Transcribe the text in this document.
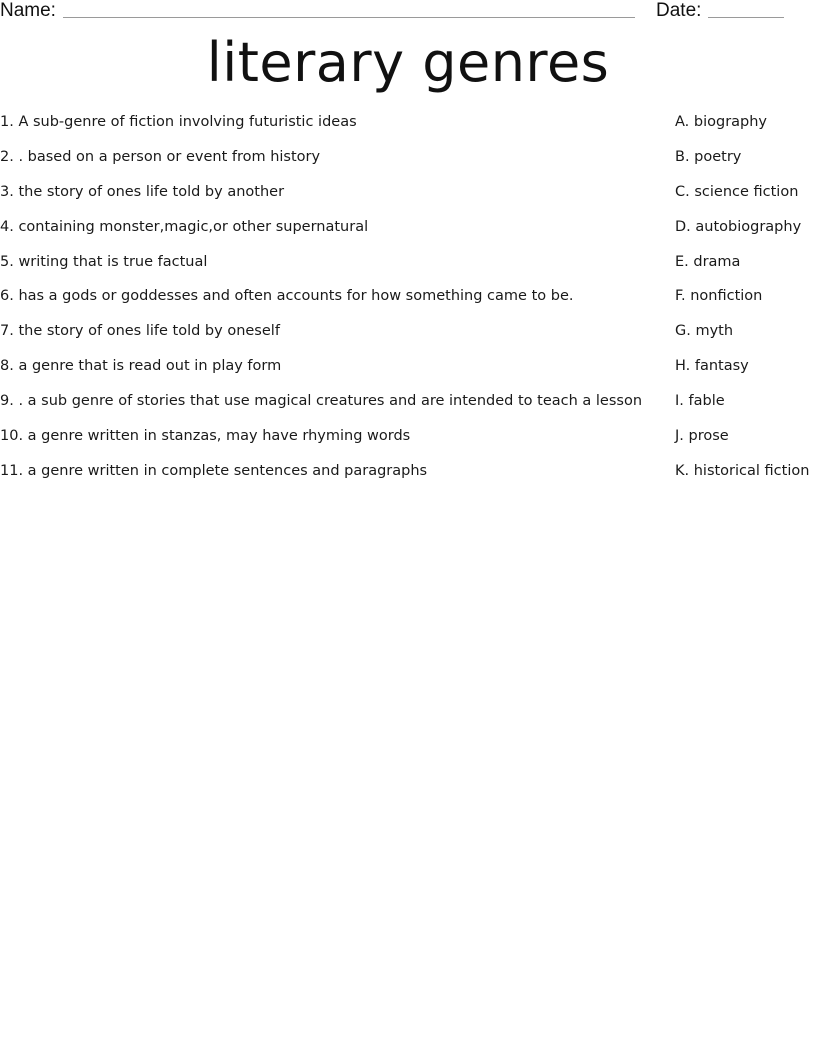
Name:	Date:
literary genres
1. A sub-genre of fiction involving futuristic ideas	A. biography
2. . based on a person or event from history	B. poetry
3. the story of ones life told by another	C. science fiction
4. containing monster,magic,or other supernatural	D. autobiography
5. writing that is true factual	E. drama
6. has a gods or goddesses and often accounts for how something came to be.	F. nonfiction
7. the story of ones life told by oneself	G. myth
8. a genre that is read out in play form	H. fantasy
9. . a sub genre of stories that use magical creatures and are intended to teach a lesson I. fable
10. a genre written in stanzas, may have rhyming words	J. prose
11. a genre written in complete sentences and paragraphs	K. historical fiction
